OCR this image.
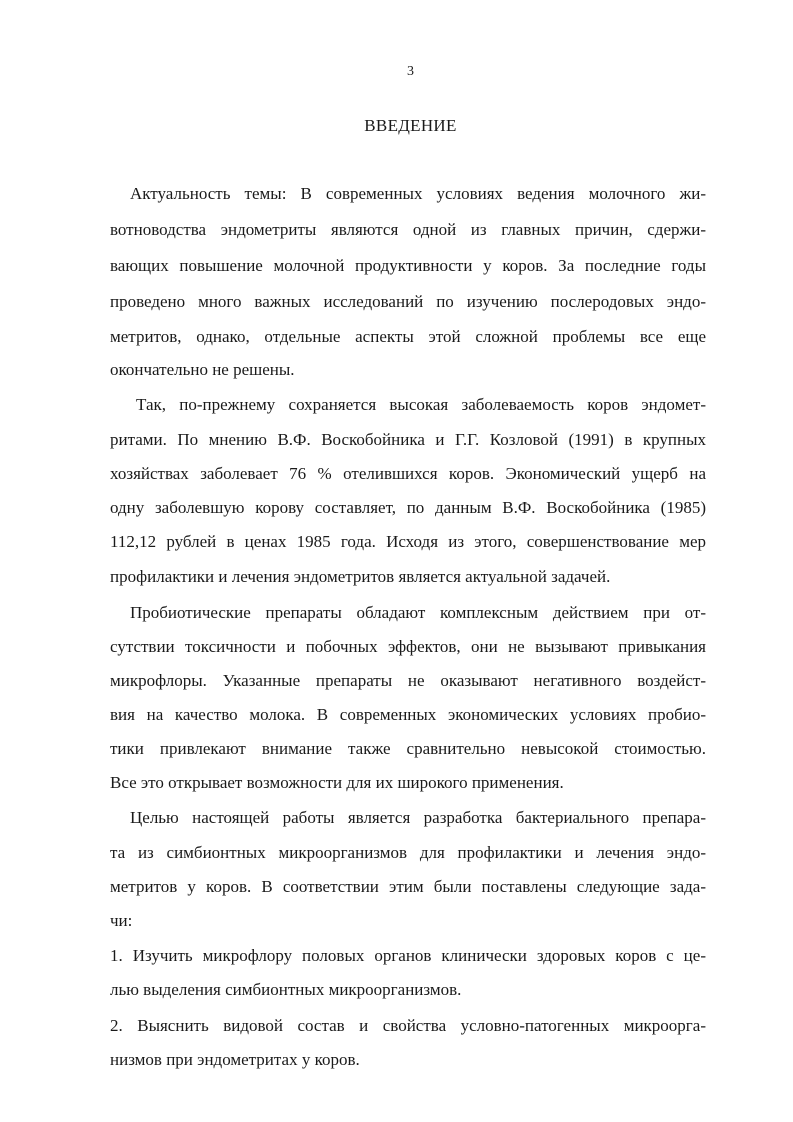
3
ВВЕДЕНИЕ
Актуальность темы: В современных условиях ведения молочного жи-
вотноводства эндометриты являются одной из главных причин, сдержи-
вающих повышение молочной продуктивности у коров. За последние годы
проведено много важных исследований по изучению послеродовых эндо-
метритов, однако, отдельные аспекты этой сложной проблемы все еще
окончательно не решены.
Так, по-прежнему сохраняется высокая заболеваемость коров эндомет-
ритами. По мнению В.Ф. Воскобойника и Г.Г. Козловой (1991) в крупных
хозяйствах заболевает 76 % отелившихся коров. Экономический ущерб на
одну заболевшую корову составляет, по данным В.Ф. Воскобойника (1985)
112,12 рублей в ценах 1985 года. Исходя из этого, совершенствование мер
профилактики и лечения эндометритов является актуальной задачей.
Пробиотические препараты обладают комплексным действием при от-
сутствии токсичности и побочных эффектов, они не вызывают привыкания
микрофлоры. Указанные препараты не оказывают негативного воздейст-
вия на качество молока. В современных экономических условиях пробио-
тики привлекают внимание также сравнительно невысокой стоимостью.
Все это открывает возможности для их широкого применения.
Целью настоящей работы является разработка бактериального препара-
та из симбионтных микроорганизмов для профилактики и лечения эндо-
метритов у коров. В соответствии этим были поставлены следующие зада-
чи:
1. Изучить микрофлору половых органов клинически здоровых коров с це-
лью выделения симбионтных микроорганизмов.
2. Выяснить видовой состав и свойства условно-патогенных микроорга-
низмов при эндометритах у коров.
